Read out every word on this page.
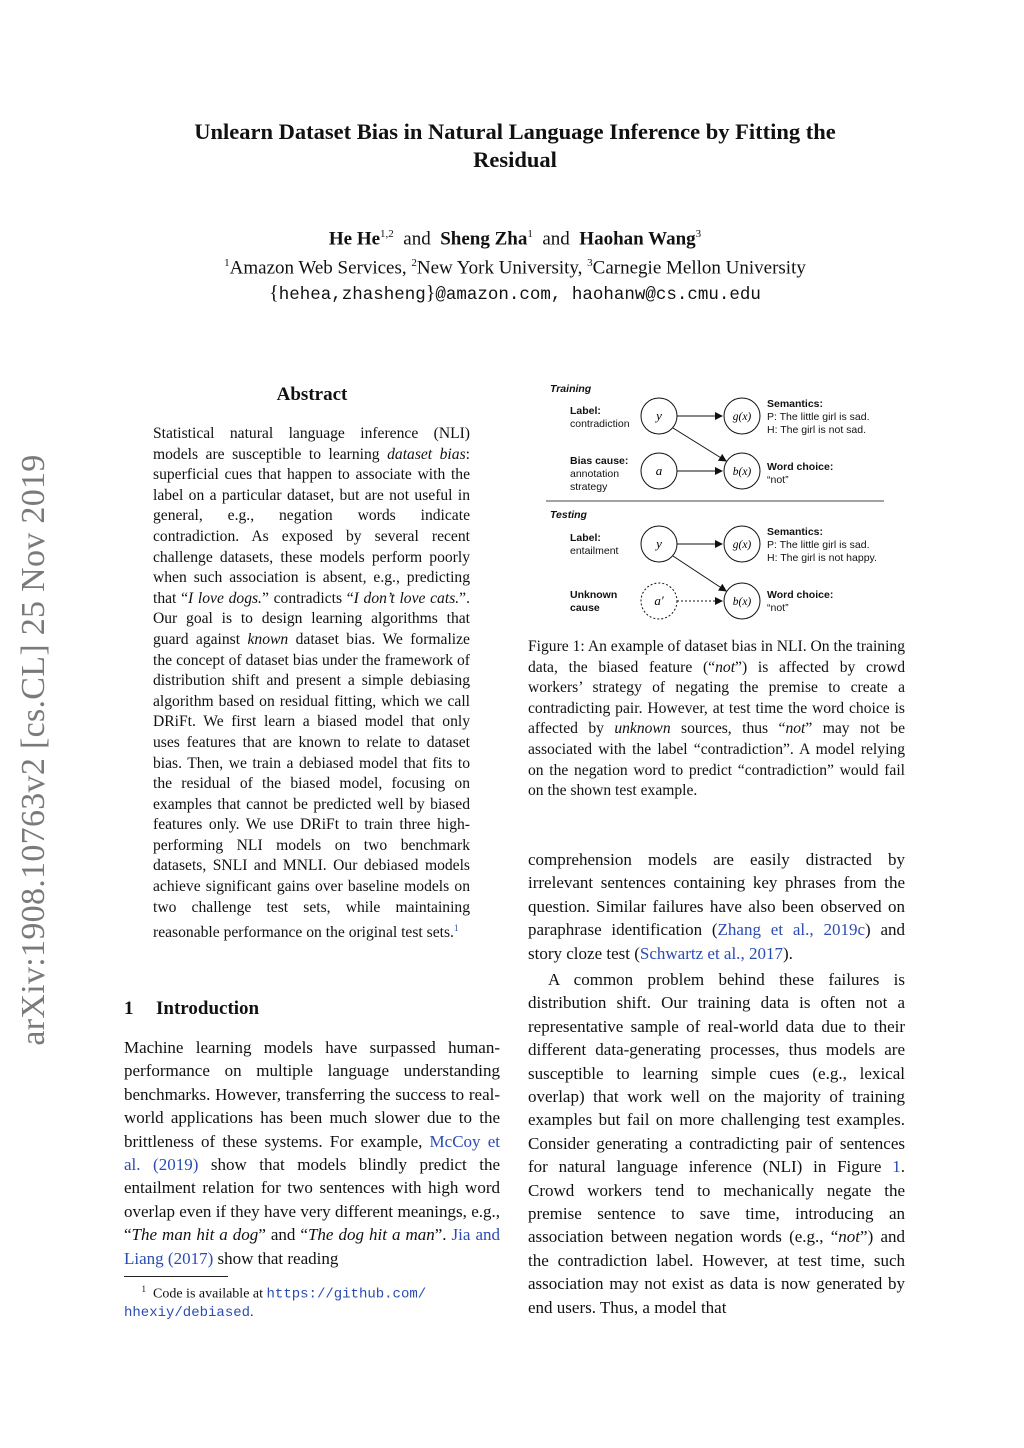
Unlearn Dataset Bias in Natural Language Inference by Fitting the
Residual
He He$^{1,2}$ and Sheng Zha$^1$ and Haohan Wang$^3$
$^1$Amazon Web Services, $^2$New York University, $^3$Carnegie Mellon University
{hehea,zhasheng}@amazon.com, haohanw@cs.cmu.edu
arXiv:1908.10763v2 [cs.CL] 25 Nov 2019
Abstract

Statistical natural language inference (NLI) models are susceptible to learning dataset bias: superficial cues that happen to associate with the label on a particular dataset, but are not useful in general, e.g., negation words indicate contradiction. As exposed by several recent challenge datasets, these models perform poorly when such association is absent, e.g., predicting that “I love dogs.” contradicts “I don’t love cats.”. Our goal is to design learning algorithms that guard against known dataset bias. We formalize the concept of dataset bias under the framework of distribution shift and present a simple debiasing algorithm based on residual fitting, which we call DRiFt. We first learn a biased model that only uses features that are known to relate to dataset bias. Then, we train a debiased model that fits to the residual of the biased model, focusing on examples that cannot be predicted well by biased features only. We use DRiFt to train three high-performing NLI models on two benchmark datasets, SNLI and MNLI. Our debiased models achieve significant gains over baseline models on two challenge test sets, while maintaining reasonable performance on the original test sets.$^1$

1 Introduction

Machine learning models have surpassed human-performance on multiple language understanding benchmarks. However, transferring the success to real-world applications has been much slower due to the brittleness of these systems. For example, McCoy et al. (2019) show that models blindly predict the entailment relation for two sentences with high word overlap even if they have very different meanings, e.g., “The man hit a dog” and “The dog hit a man”. Jia and Liang (2017) show that reading

$^1$ Code is available at https://github.com/
hhexiy/debiased.
Training
Label:
contradiction
Bias cause:
annotation
strategy
Semantics:
P: The little girl is sad.
H: The girl is not sad.
Word choice:
“not”
Testing
Label:
entailment
Unknown
cause
Semantics:
P: The little girl is sad.
H: The girl is not happy.
Word choice:
“not”
y
a
g(x)
b(x)
y
a′
g(x)
b(x)
Figure 1: An example of dataset bias in NLI. On the training data, the biased feature (“not”) is affected by crowd workers’ strategy of negating the premise to create a contradicting pair. However, at test time the word choice is affected by unknown sources, thus “not” may not be associated with the label “contradiction”. A model relying on the negation word to predict “contradiction” would fail on the shown test example.

comprehension models are easily distracted by irrelevant sentences containing key phrases from the question. Similar failures have also been observed on paraphrase identification (Zhang et al., 2019c) and story cloze test (Schwartz et al., 2017).

A common problem behind these failures is distribution shift. Our training data is often not a representative sample of real-world data due to their different data-generating processes, thus models are susceptible to learning simple cues (e.g., lexical overlap) that work well on the majority of training examples but fail on more challenging test examples. Consider generating a contradicting pair of sentences for natural language inference (NLI) in Figure 1. Crowd workers tend to mechanically negate the premise sentence to save time, introducing an association between negation words (e.g., “not”) and the contradiction label. However, at test time, such association may not exist as data is now generated by end users. Thus, a model that
